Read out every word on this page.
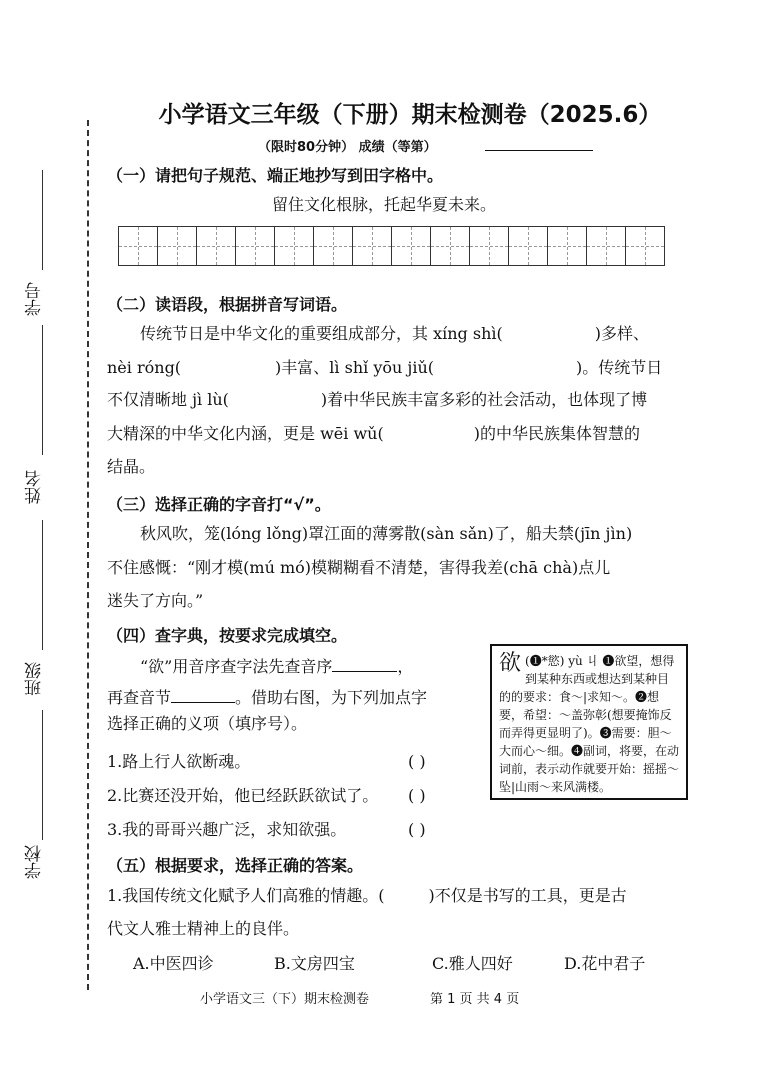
学号
姓名
班级
学校
小学语文三年级（下册）期末检测卷（2025.6）
（限时80分钟） 成绩（等第）
（一）请把句子规范、端正地抄写到田字格中。
留住文化根脉，托起华夏未来。
（二）读语段，根据拼音写词语。
传统节日是中华文化的重要组成部分，其 xíng shì(	)多样、
nèi róng(	)丰富、lì shǐ yōu jiǔ(	)。传统节日
不仅清晰地 jì lù(	)着中华民族丰富多彩的社会活动，也体现了博
大精深的中华文化内涵，更是 wēi wǔ(	)的中华民族集体智慧的
结晶。
（三）选择正确的字音打“√”。
秋风吹，笼(lóng lǒng)罩江面的薄雾散(sàn sǎn)了，船夫禁(jīn jìn)
不住感慨：“刚才模(mú mó)模糊糊看不清楚，害得我差(chā chà)点儿
迷失了方向。”
（四）查字典，按要求完成填空。
“欲”用音序查字法先查音序	，
再查音节	。借助右图，为下列加点字
选择正确的义项（填序号）。
1.路上行人欲断魂。	( )
2.比赛还没开始，他已经跃跃欲试了。 ( )
3.我的哥哥兴趣广泛，求知欲强。	( )
欲 (❶*慾) yù 丩 ❶欲望，想得到某种东西或想达到某种目的的要求：食～|求知～。❷想要，希望：～盖弥彰(想要掩饰反而弄得更显明了)。❸需要：胆～大而心～细。❹副词，将要，在动词前，表示动作就要开始：摇摇～坠|山雨～来风满楼。
（五）根据要求，选择正确的答案。
1.我国传统文化赋予人们高雅的情趣。(	)不仅是书写的工具，更是古
代文人雅士精神上的良伴。
A.中医四诊	B.文房四宝	C.雅人四好	D.花中君子
小学语文三（下）期末检测卷	第 1 页 共 4 页
